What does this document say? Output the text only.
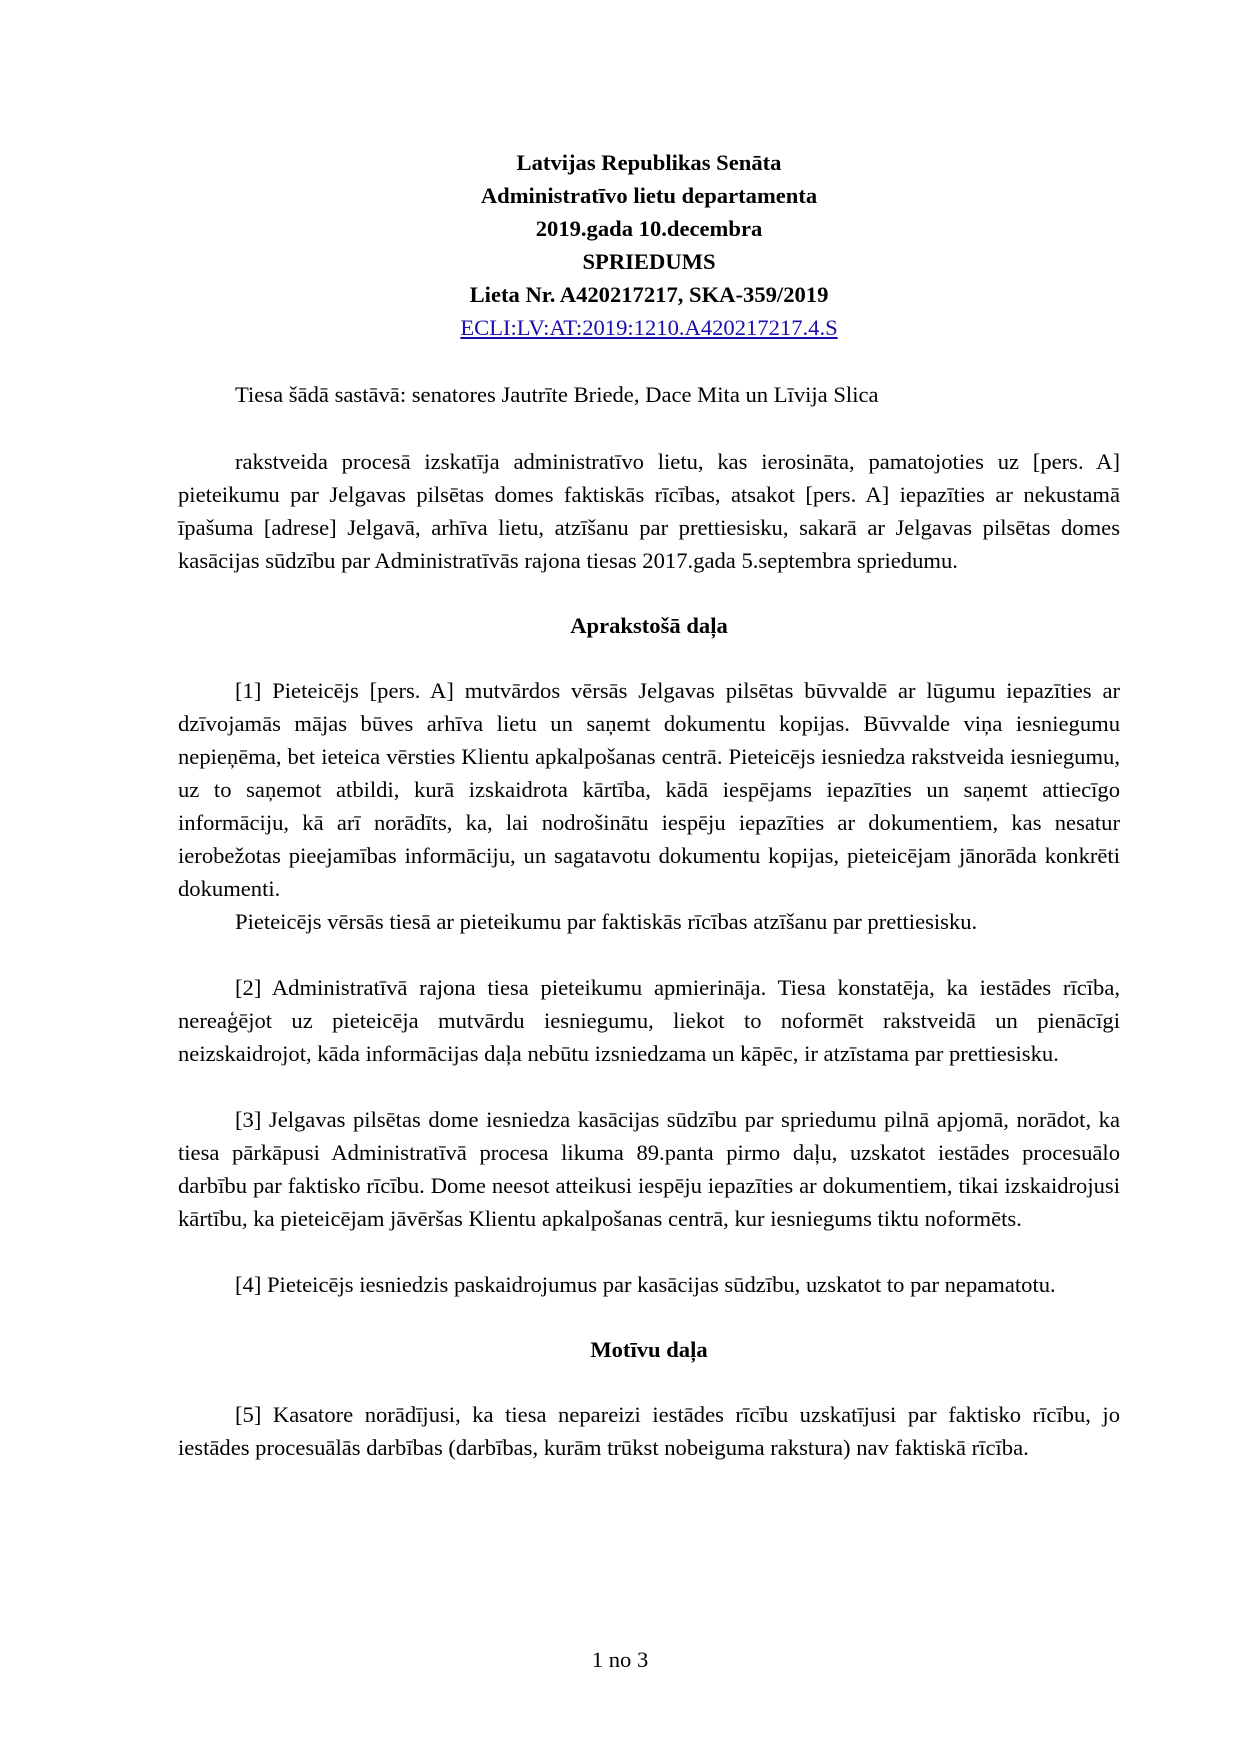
Latvijas Republikas Senāta
Administratīvo lietu departamenta
2019.gada 10.decembra
SPRIEDUMS
Lieta Nr. A420217217, SKA-359/2019
ECLI:LV:AT:2019:1210.A420217217.4.S

Tiesa šādā sastāvā: senatores Jautrīte Briede, Dace Mita un Līvija Slica

rakstveida procesā izskatīja administratīvo lietu, kas ierosināta, pamatojoties uz [pers. A] pieteikumu par Jelgavas pilsētas domes faktiskās rīcības, atsakot [pers. A] iepazīties ar nekustamā īpašuma [adrese] Jelgavā, arhīva lietu, atzīšanu par prettiesisku, sakarā ar Jelgavas pilsētas domes kasācijas sūdzību par Administratīvās rajona tiesas 2017.gada 5.septembra spriedumu.

Aprakstošā daļa

[1] Pieteicējs [pers. A] mutvārdos vērsās Jelgavas pilsētas būvvaldē ar lūgumu iepazīties ar dzīvojamās mājas būves arhīva lietu un saņemt dokumentu kopijas. Būvvalde viņa iesniegumu nepieņēma, bet ieteica vērsties Klientu apkalpošanas centrā. Pieteicējs iesniedza rakstveida iesniegumu, uz to saņemot atbildi, kurā izskaidrota kārtība, kādā iespējams iepazīties un saņemt attiecīgo informāciju, kā arī norādīts, ka, lai nodrošinātu iespēju iepazīties ar dokumentiem, kas nesatur ierobežotas pieejamības informāciju, un sagatavotu dokumentu kopijas, pieteicējam jānorāda konkrēti dokumenti.

Pieteicējs vērsās tiesā ar pieteikumu par faktiskās rīcības atzīšanu par prettiesisku.

[2] Administratīvā rajona tiesa pieteikumu apmierināja. Tiesa konstatēja, ka iestādes rīcība, nereaģējot uz pieteicēja mutvārdu iesniegumu, liekot to noformēt rakstveidā un pienācīgi neizskaidrojot, kāda informācijas daļa nebūtu izsniedzama un kāpēc, ir atzīstama par prettiesisku.

[3] Jelgavas pilsētas dome iesniedza kasācijas sūdzību par spriedumu pilnā apjomā, norādot, ka tiesa pārkāpusi Administratīvā procesa likuma 89.panta pirmo daļu, uzskatot iestādes procesuālo darbību par faktisko rīcību. Dome neesot atteikusi iespēju iepazīties ar dokumentiem, tikai izskaidrojusi kārtību, ka pieteicējam jāvēršas Klientu apkalpošanas centrā, kur iesniegums tiktu noformēts.

[4] Pieteicējs iesniedzis paskaidrojumus par kasācijas sūdzību, uzskatot to par nepamatotu.

Motīvu daļa

[5] Kasatore norādījusi, ka tiesa nepareizi iestādes rīcību uzskatījusi par faktisko rīcību, jo iestādes procesuālās darbības (darbības, kurām trūkst nobeiguma rakstura) nav faktiskā rīcība.

1 no 3
